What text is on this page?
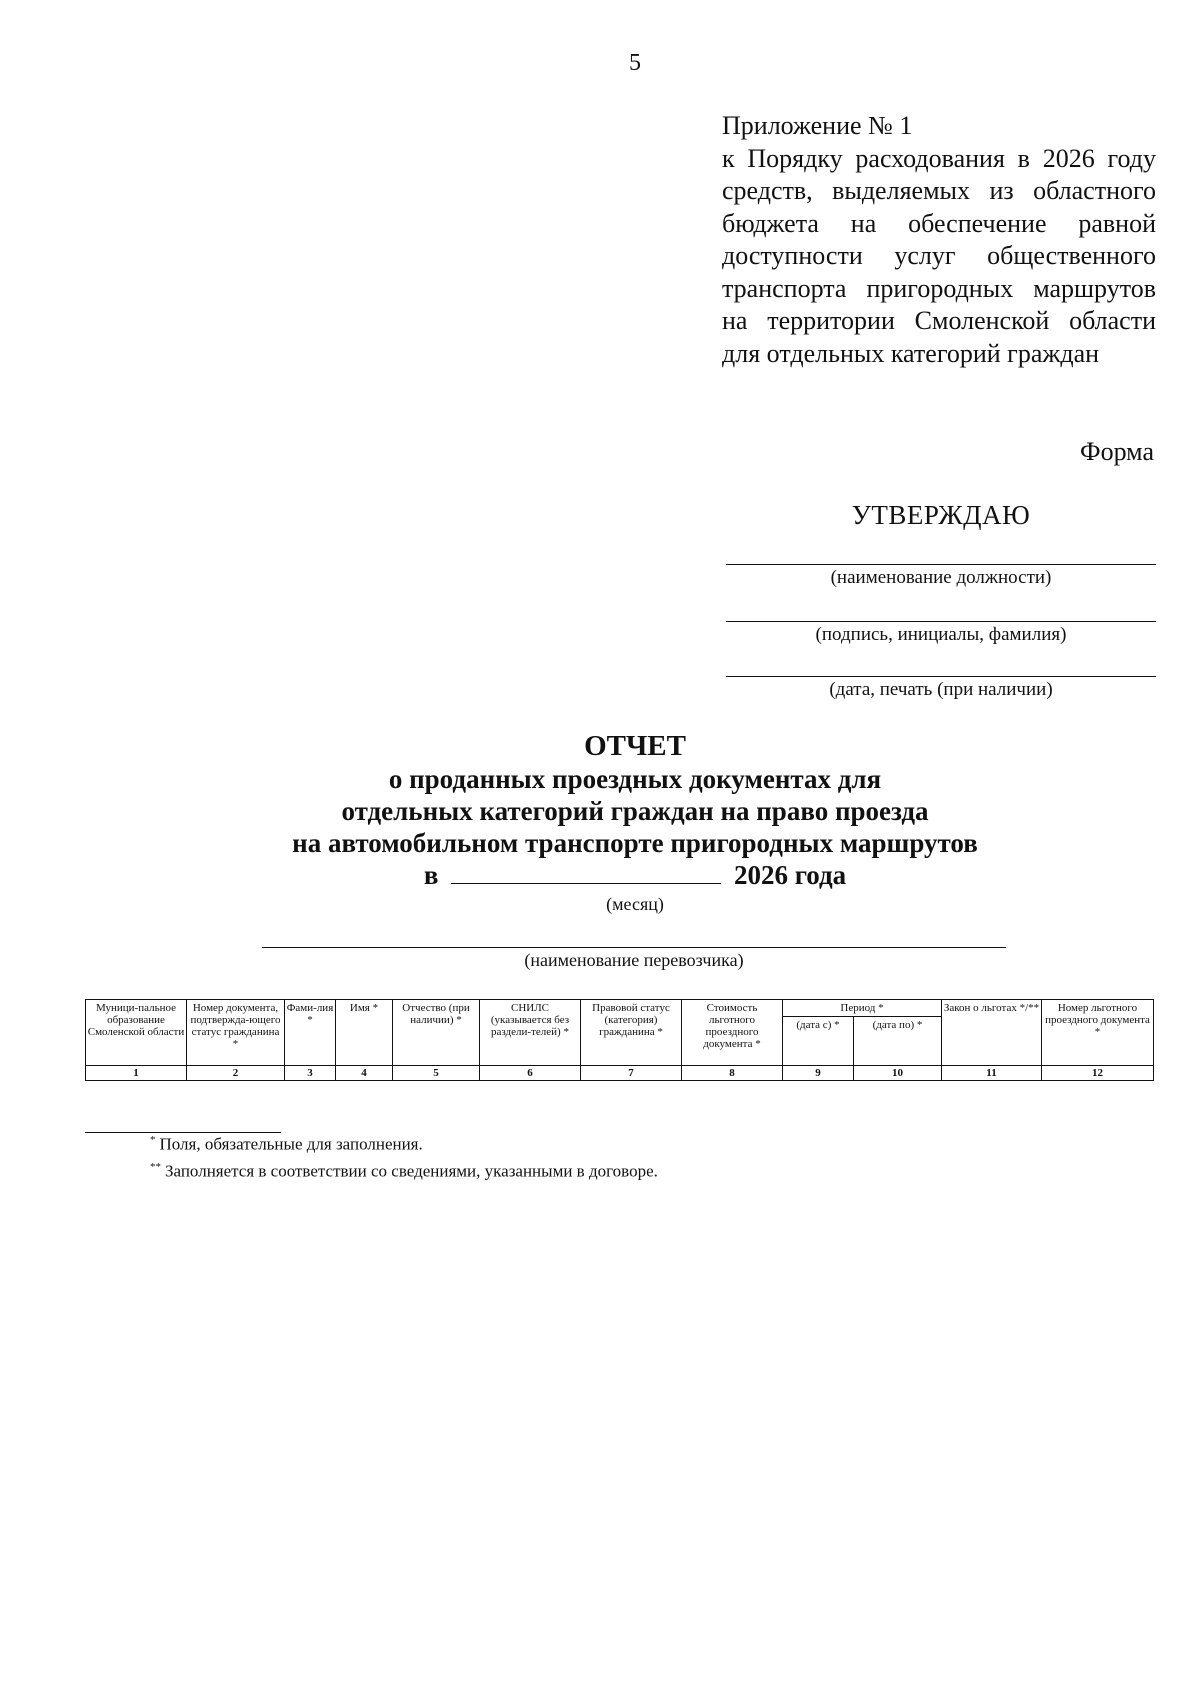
5
Приложение № 1
к Порядку расходования в 2026 году средств, выделяемых из областного бюджета на обеспечение равной доступности услуг общественного транспорта пригородных маршрутов на территории Смоленской области для отдельных категорий граждан
Форма
УТВЕРЖДАЮ
(наименование должности)
(подпись, инициалы, фамилия)
(дата, печать (при наличии)
ОТЧЕТ
о проданных проездных документах для
отдельных категорий граждан на право проезда
на автомобильном транспорте пригородных маршрутов
в	2026 года
(месяц)
(наименование перевозчика)
Муници-пальное образование Смоленской области	Номер документа, подтвержда-ющего статус гражданина *	Фами-лия *	Имя *	Отчество (при наличии) *	СНИЛС (указывается без раздели-телей) *	Правовой статус (категория) гражданина *	Стоимость льготного проездного документа *	Период *		Закон о льготах */**	Номер льготного проездного документа *
								(дата с) *	(дата по) *		
1	2	3	4	5	6	7	8	9	10	11	12
* Поля, обязательные для заполнения.
** Заполняется в соответствии со сведениями, указанными в договоре.
